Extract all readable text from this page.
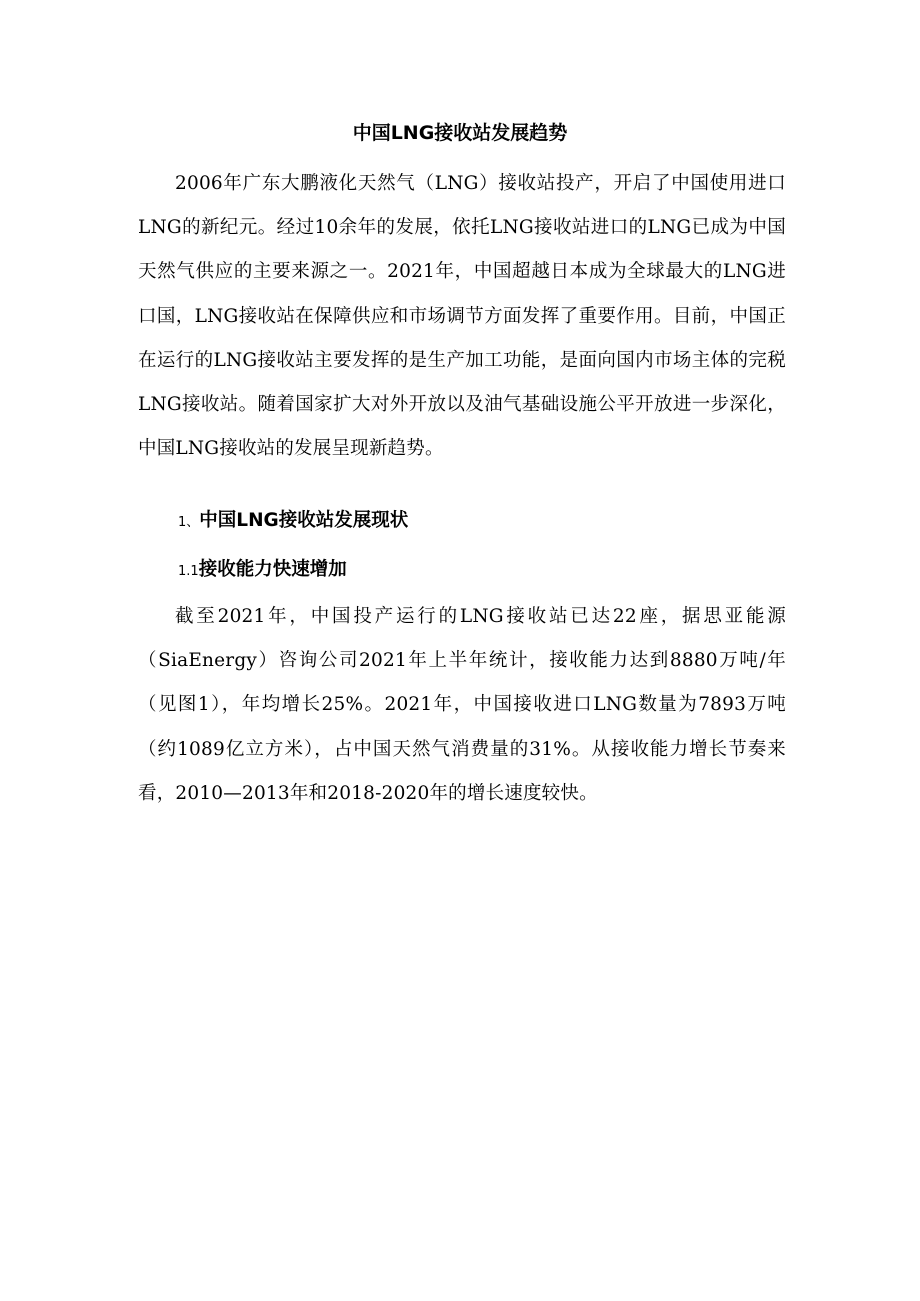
中国LNG接收站发展趋势
2006年广东大鹏液化天然气（LNG）接收站投产，开启了中国使用进口LNG的新纪元。经过10余年的发展，依托LNG接收站进口的LNG已成为中国天然气供应的主要来源之一。2021年，中国超越日本成为全球最大的LNG进口国，LNG接收站在保障供应和市场调节方面发挥了重要作用。目前，中国正在运行的LNG接收站主要发挥的是生产加工功能，是面向国内市场主体的完税LNG接收站。随着国家扩大对外开放以及油气基础设施公平开放进一步深化，中国LNG接收站的发展呈现新趋势。
1、中国LNG接收站发展现状
1.1接收能力快速增加
截至2021年，中国投产运行的LNG接收站已达22座，据思亚能源（SiaEnergy）咨询公司2021年上半年统计，接收能力达到8880万吨/年（见图1），年均增长25%。2021年，中国接收进口LNG数量为7893万吨（约1089亿立方米），占中国天然气消费量的31%。从接收能力增长节奏来看，2010—2013年和2018-2020年的增长速度较快。
